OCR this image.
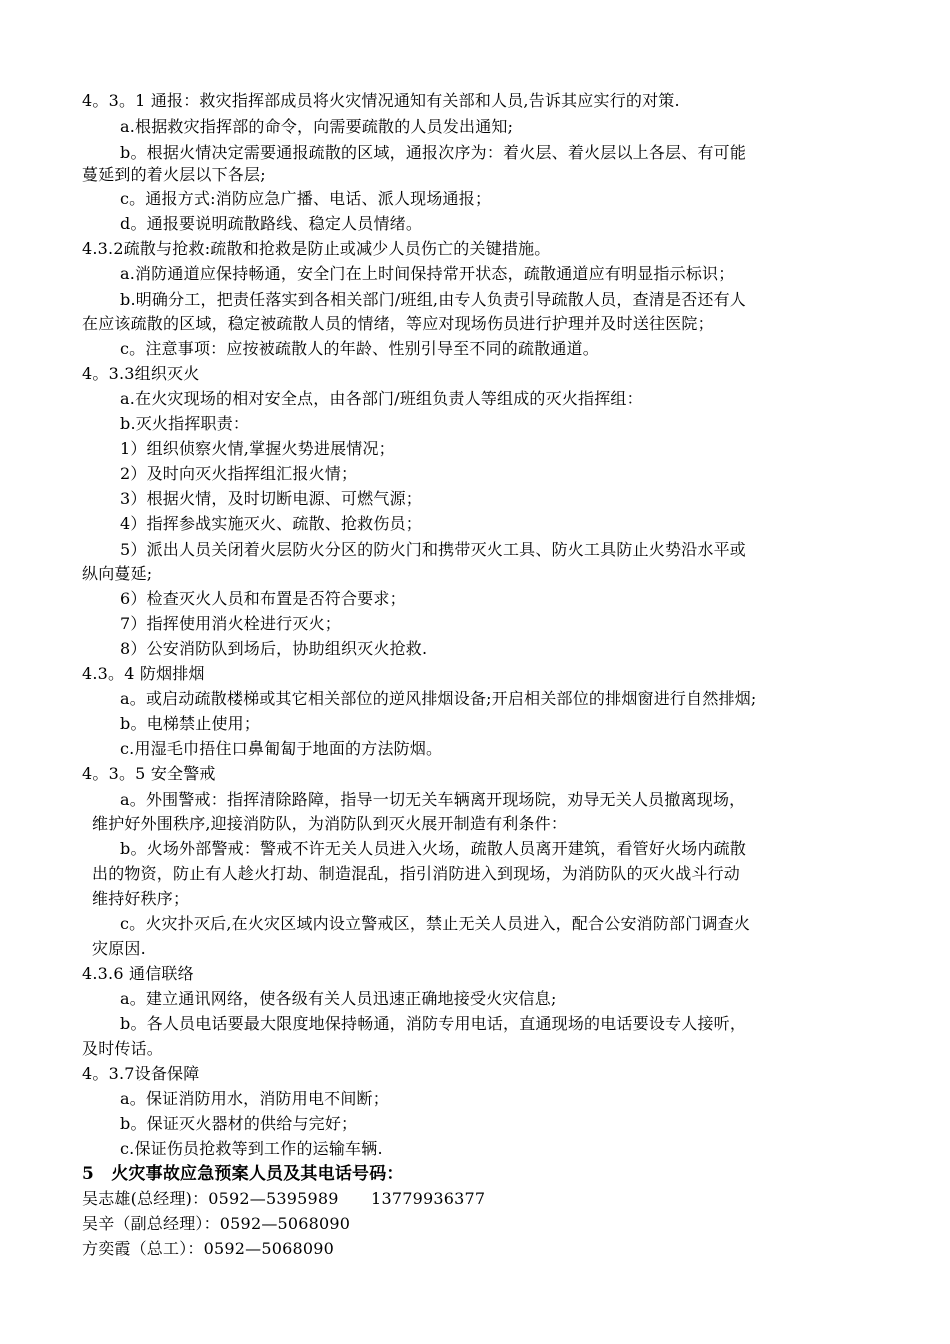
4。3。1 通报：救灾指挥部成员将火灾情况通知有关部和人员,告诉其应实行的对策.
a.根据救灾指挥部的命令，向需要疏散的人员发出通知;
b。根据火情决定需要通报疏散的区域，通报次序为：着火层、着火层以上各层、有可能
蔓延到的着火层以下各层;
c。通报方式:消防应急广播、电话、派人现场通报；
d。通报要说明疏散路线、稳定人员情绪。
4.3.2疏散与抢救:疏散和抢救是防止或减少人员伤亡的关键措施。
a.消防通道应保持畅通，安全门在上时间保持常开状态，疏散通道应有明显指示标识；
b.明确分工，把责任落实到各相关部门/班组,由专人负责引导疏散人员，查清是否还有人
在应该疏散的区域，稳定被疏散人员的情绪，等应对现场伤员进行护理并及时送往医院；
c。注意事项：应按被疏散人的年龄、性别引导至不同的疏散通道。
4。3.3组织灭火
a.在火灾现场的相对安全点，由各部门/班组负责人等组成的灭火指挥组：
b.灭火指挥职责：
1）组织侦察火情,掌握火势进展情况；
2）及时向灭火指挥组汇报火情；
3）根据火情，及时切断电源、可燃气源；
4）指挥参战实施灭火、疏散、抢救伤员；
5）派出人员关闭着火层防火分区的防火门和携带灭火工具、防火工具防止火势沿水平或
纵向蔓延;
6）检查灭火人员和布置是否符合要求；
7）指挥使用消火栓进行灭火；
8）公安消防队到场后，协助组织灭火抢救.
4.3。4 防烟排烟
a。或启动疏散楼梯或其它相关部位的逆风排烟设备;开启相关部位的排烟窗进行自然排烟;
b。电梯禁止使用；
c.用湿毛巾捂住口鼻匍匐于地面的方法防烟。
4。3。5 安全警戒
a。外围警戒：指挥清除路障，指导一切无关车辆离开现场院，劝导无关人员撤离现场，
维护好外围秩序,迎接消防队，为消防队到灭火展开制造有利条件：
b。火场外部警戒：警戒不许无关人员进入火场，疏散人员离开建筑，看管好火场内疏散
出的物资，防止有人趁火打劫、制造混乱，指引消防进入到现场，为消防队的灭火战斗行动
维持好秩序；
c。火灾扑灭后,在火灾区域内设立警戒区，禁止无关人员进入，配合公安消防部门调查火
灾原因.
4.3.6 通信联络
a。建立通讯网络，使各级有关人员迅速正确地接受火灾信息;
b。各人员电话要最大限度地保持畅通，消防专用电话，直通现场的电话要设专人接听，
及时传话。
4。3.7设备保障
a。保证消防用水，消防用电不间断；
b。保证灭火器材的供给与完好；
c.保证伤员抢救等到工作的运输车辆.
5　火灾事故应急预案人员及其电话号码：
吴志雄(总经理)：0592—5395989　　13779936377
吴辛（副总经理）：0592—5068090
方奕霞（总工）：0592—5068090
